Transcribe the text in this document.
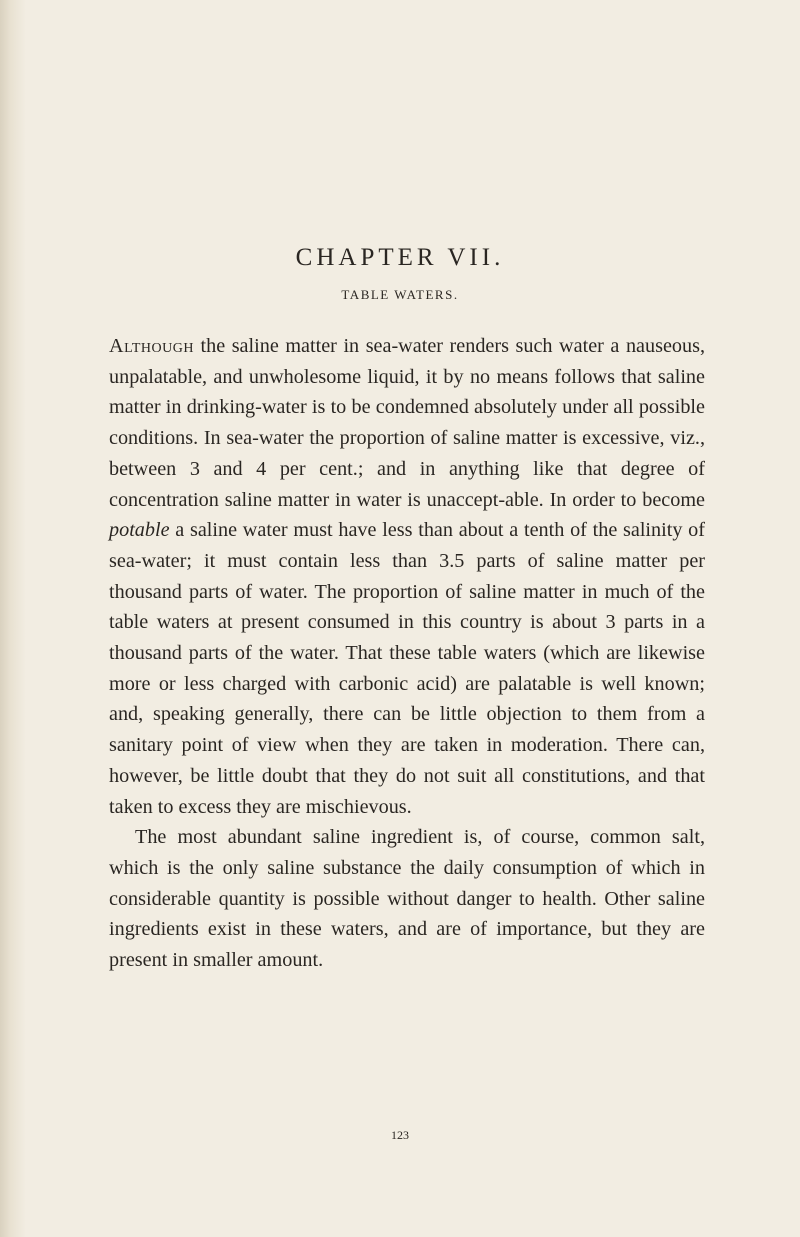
CHAPTER VII.
TABLE WATERS.

Although the saline matter in sea-water renders such water a nauseous, unpalatable, and unwholesome liquid, it by no means follows that saline matter in drinking-water is to be condemned absolutely under all possible conditions. In sea-water the proportion of saline matter is excessive, viz., between 3 and 4 per cent.; and in anything like that degree of concentration saline matter in water is unaccept-able. In order to become potable a saline water must have less than about a tenth of the salinity of sea-water; it must contain less than 3.5 parts of saline matter per thousand parts of water. The proportion of saline matter in much of the table waters at present consumed in this country is about 3 parts in a thousand parts of the water. That these table waters (which are likewise more or less charged with carbonic acid) are palatable is well known; and, speaking generally, there can be little objection to them from a sanitary point of view when they are taken in moderation. There can, however, be little doubt that they do not suit all constitutions, and that taken to excess they are mischievous.

The most abundant saline ingredient is, of course, common salt, which is the only saline substance the daily consumption of which in considerable quantity is possible without danger to health. Other saline ingredients exist in these waters, and are of importance, but they are present in smaller amount.

123
